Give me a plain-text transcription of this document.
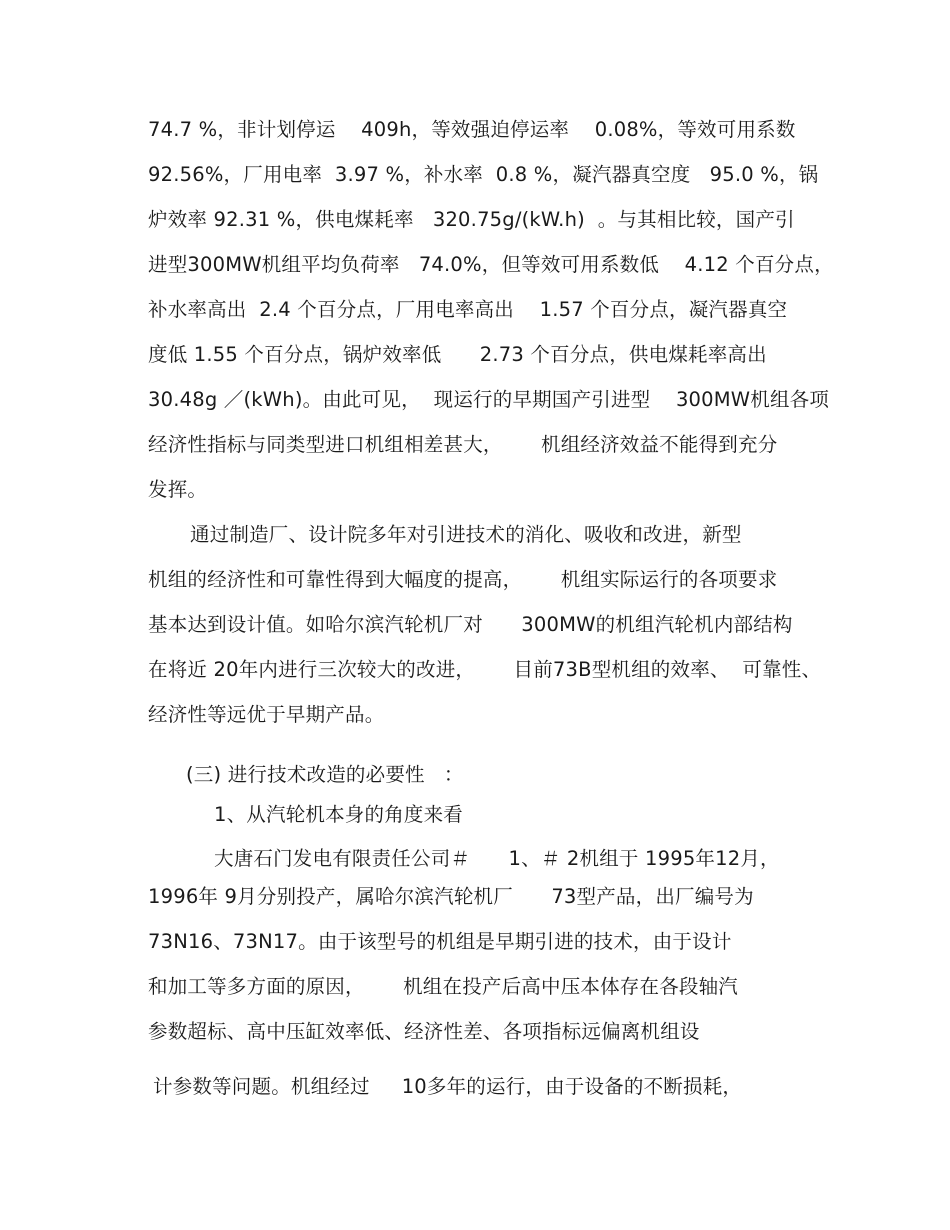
74.7 %，非计划停运    409h，等效强迫停运率    0.08%，等效可用系数
92.56%，厂用电率  3.97 %，补水率  0.8 %，凝汽器真空度   95.0 %，锅
炉效率 92.31 %，供电煤耗率   320.75g/(kW.h)  。与其相比较，国产引
进型300MW机组平均负荷率   74.0%，但等效可用系数低    4.12 个百分点，
补水率高出  2.4 个百分点，厂用电率高出    1.57 个百分点，凝汽器真空
度低 1.55 个百分点，锅炉效率低      2.73 个百分点，供电煤耗率高出
30.48g ／(kWh)。由此可见，  现运行的早期国产引进型    300MW机组各项
经济性指标与同类型进口机组相差甚大，      机组经济效益不能得到充分
发挥。
通过制造厂、设计院多年对引进技术的消化、吸收和改进，新型
机组的经济性和可靠性得到大幅度的提高，      机组实际运行的各项要求
基本达到设计值。如哈尔滨汽轮机厂对      300MW的机组汽轮机内部结构
在将近 20年内进行三次较大的改进，      目前73B型机组的效率、  可靠性、
经济性等远优于早期产品。
(三) 进行技术改造的必要性   ：
1、从汽轮机本身的角度来看
大唐石门发电有限责任公司＃      1、＃ 2机组于 1995年12月，
1996年 9月分别投产，属哈尔滨汽轮机厂      73型产品，出厂编号为
73N16、73N17。由于该型号的机组是早期引进的技术，由于设计
和加工等多方面的原因，      机组在投产后高中压本体存在各段轴汽
参数超标、高中压缸效率低、经济性差、各项指标远偏离机组设
计参数等问题。机组经过     10多年的运行，由于设备的不断损耗，
